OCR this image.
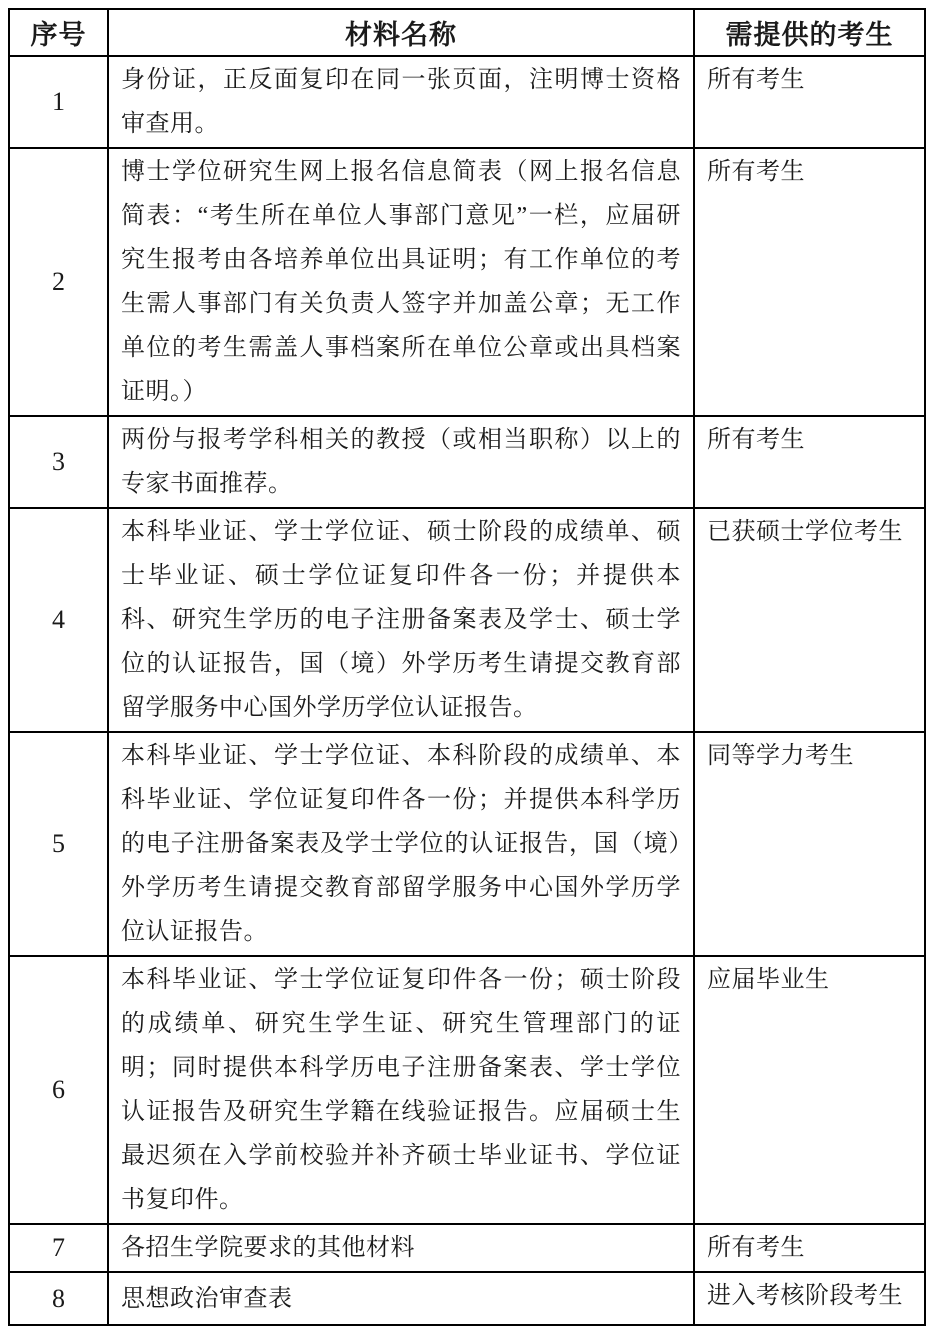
序号	材料名称	需提供的考生
1	身份证，正反面复印在同一张页面，注明博士资格审查用。	所有考生
2	博士学位研究生网上报名信息简表（网上报名信息简表：“考生所在单位人事部门意见”一栏，应届研究生报考由各培养单位出具证明；有工作单位的考生需人事部门有关负责人签字并加盖公章；无工作单位的考生需盖人事档案所在单位公章或出具档案证明。）	所有考生
3	两份与报考学科相关的教授（或相当职称）以上的专家书面推荐。	所有考生
4	本科毕业证、学士学位证、硕士阶段的成绩单、硕士毕业证、硕士学位证复印件各一份；并提供本科、研究生学历的电子注册备案表及学士、硕士学位的认证报告，国（境）外学历考生请提交教育部留学服务中心国外学历学位认证报告。	已获硕士学位考生
5	本科毕业证、学士学位证、本科阶段的成绩单、本科毕业证、学位证复印件各一份；并提供本科学历的电子注册备案表及学士学位的认证报告，国（境）外学历考生请提交教育部留学服务中心国外学历学位认证报告。	同等学力考生
6	本科毕业证、学士学位证复印件各一份；硕士阶段的成绩单、研究生学生证、研究生管理部门的证明；同时提供本科学历电子注册备案表、学士学位认证报告及研究生学籍在线验证报告。应届硕士生最迟须在入学前校验并补齐硕士毕业证书、学位证书复印件。	应届毕业生
7	各招生学院要求的其他材料	所有考生
8	思想政治审查表	进入考核阶段考生
